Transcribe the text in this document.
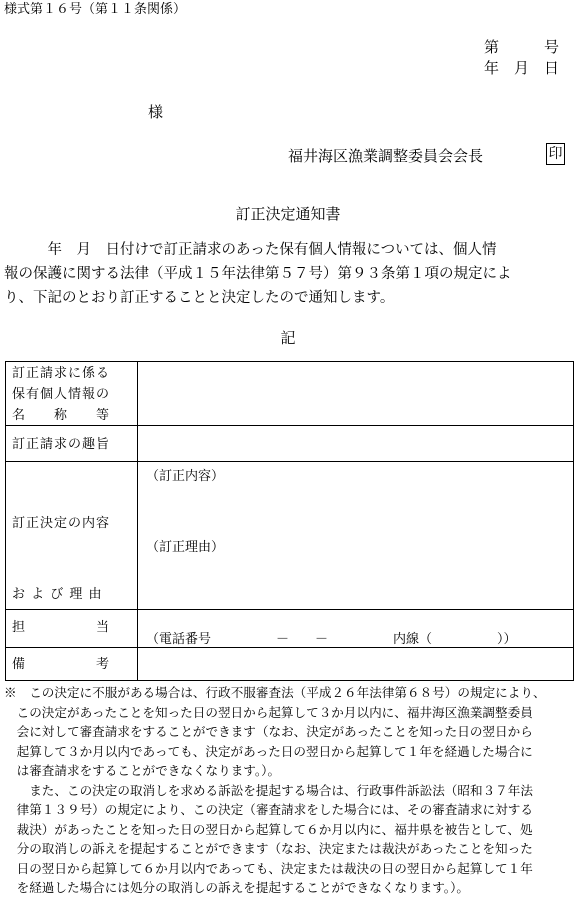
様式第１６号（第１１条関係）
第　　　号
年　月　日
様
福井海区漁業調整委員会会長	印
訂正決定通知書
　　　年　月　日付けで訂正請求のあった保有個人情報については、個人情
報の保護に関する法律（平成１５年法律第５７号）第９３条第１項の規定によ
り、下記のとおり訂正することと決定したので通知します。
記
訂正請求に係る
保有個人情報の
名　　称　　等	

訂正請求の趣旨	

訂正決定の内容
お よ び 理 由	（訂正内容）
（訂正理由）

担　　　　　当	（電話番号　　　　　－　　－　　　　　内線（　　　　　））

備　　　　　考	

※　この決定に不服がある場合は、行政不服審査法（平成２６年法律第６８号）の規定により、
　この決定があったことを知った日の翌日から起算して３か月以内に、福井海区漁業調整委員
　会に対して審査請求をすることができます（なお、決定があったことを知った日の翌日から
　起算して３か月以内であっても、決定があった日の翌日から起算して１年を経過した場合に
　は審査請求をすることができなくなります。）。
　　また、この決定の取消しを求める訴訟を提起する場合は、行政事件訴訟法（昭和３７年法
　律第１３９号）の規定により、この決定（審査請求をした場合には、その審査請求に対する
　裁決）があったことを知った日の翌日から起算して６か月以内に、福井県を被告として、処
　分の取消しの訴えを提起することができます（なお、決定または裁決があったことを知った
　日の翌日から起算して６か月以内であっても、決定または裁決の日の翌日から起算して１年
　を経過した場合には処分の取消しの訴えを提起することができなくなります。）。
